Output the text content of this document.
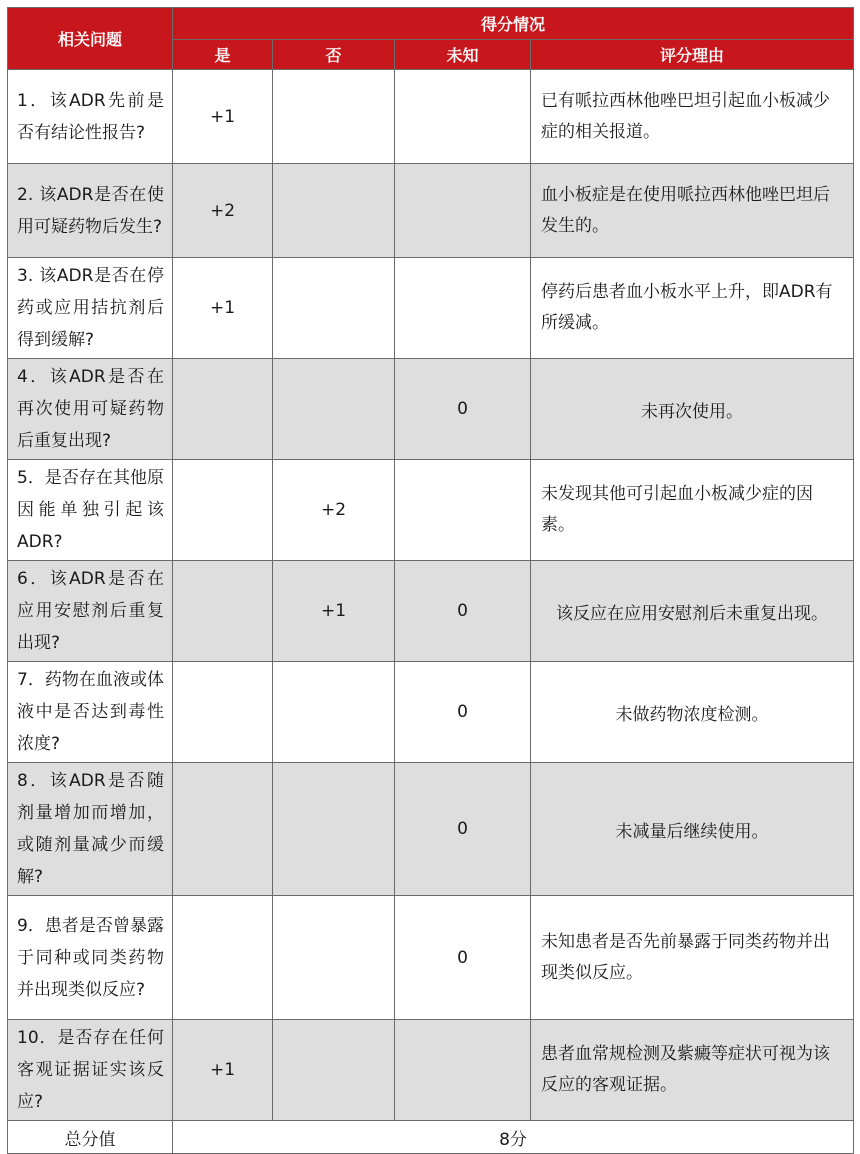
相关问题	得分情况			
	是	否	未知	评分理由
1．该ADR先前是否有结论性报告?	+1			已有哌拉西林他唑巴坦引起血小板减少症的相关报道。
2. 该ADR是否在使用可疑药物后发生?	+2			血小板症是在使用哌拉西林他唑巴坦后发生的。
3. 该ADR是否在停药或应用拮抗剂后得到缓解?	+1			停药后患者血小板水平上升，即ADR有所缓减。
4．该ADR是否在再次使用可疑药物后重复出现?			0	未再次使用。
5．是否存在其他原因能单独引起该ADR?		+2		未发现其他可引起血小板减少症的因素。
6．该ADR是否在应用安慰剂后重复出现?		+1	0	该反应在应用安慰剂后未重复出现。
7．药物在血液或体液中是否达到毒性浓度?			0	未做药物浓度检测。
8．该ADR是否随剂量增加而增加，或随剂量减少而缓解?			0	未减量后继续使用。
9．患者是否曾暴露于同种或同类药物并出现类似反应?			0	未知患者是否先前暴露于同类药物并出现类似反应。
10．是否存在任何客观证据证实该反应?	+1			患者血常规检测及紫癜等症状可视为该反应的客观证据。
总分值	8分			
